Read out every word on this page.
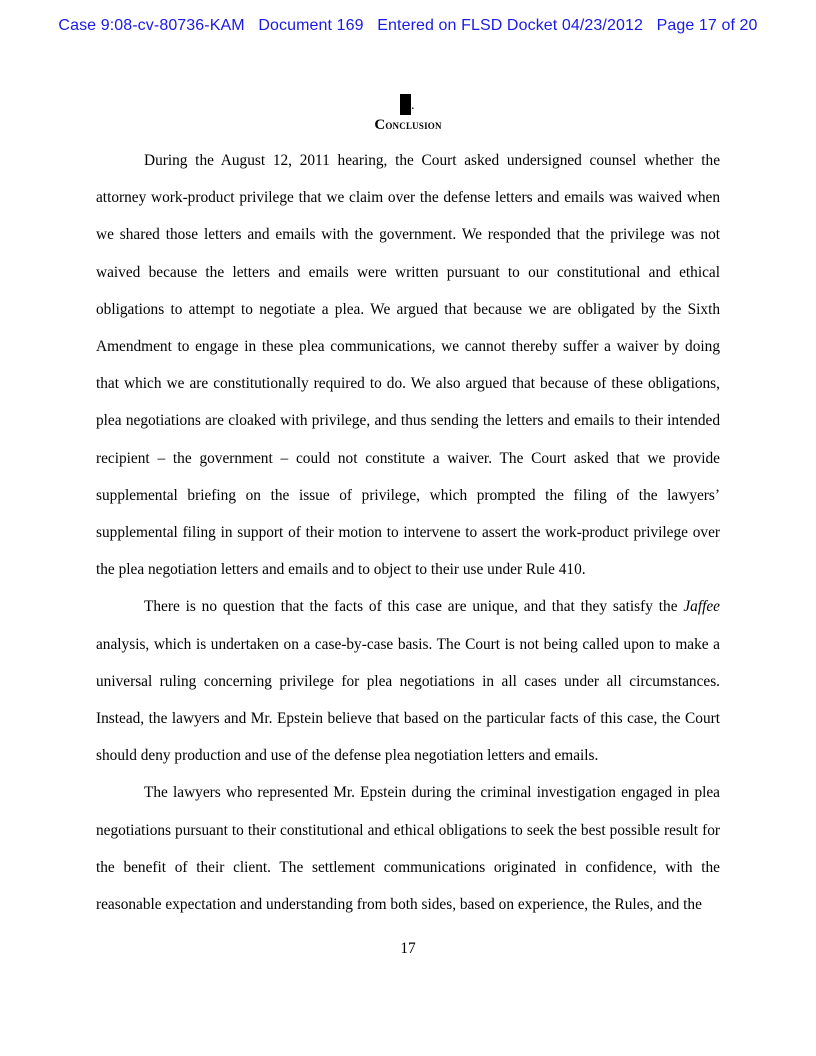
Case 9:08-cv-80736-KAM Document 169 Entered on FLSD Docket 04/23/2012 Page 17 of 20
.
Conclusion

During the August 12, 2011 hearing, the Court asked undersigned counsel whether the attorney work-product privilege that we claim over the defense letters and emails was waived when we shared those letters and emails with the government. We responded that the privilege was not waived because the letters and emails were written pursuant to our constitutional and ethical obligations to attempt to negotiate a plea. We argued that because we are obligated by the Sixth Amendment to engage in these plea communications, we cannot thereby suffer a waiver by doing that which we are constitutionally required to do. We also argued that because of these obligations, plea negotiations are cloaked with privilege, and thus sending the letters and emails to their intended recipient – the government – could not constitute a waiver. The Court asked that we provide supplemental briefing on the issue of privilege, which prompted the filing of the lawyers’ supplemental filing in support of their motion to intervene to assert the work-product privilege over the plea negotiation letters and emails and to object to their use under Rule 410.

There is no question that the facts of this case are unique, and that they satisfy the Jaffee analysis, which is undertaken on a case-by-case basis. The Court is not being called upon to make a universal ruling concerning privilege for plea negotiations in all cases under all circumstances. Instead, the lawyers and Mr. Epstein believe that based on the particular facts of this case, the Court should deny production and use of the defense plea negotiation letters and emails.

The lawyers who represented Mr. Epstein during the criminal investigation engaged in plea negotiations pursuant to their constitutional and ethical obligations to seek the best possible result for the benefit of their client. The settlement communications originated in confidence, with the reasonable expectation and understanding from both sides, based on experience, the Rules, and the

17
